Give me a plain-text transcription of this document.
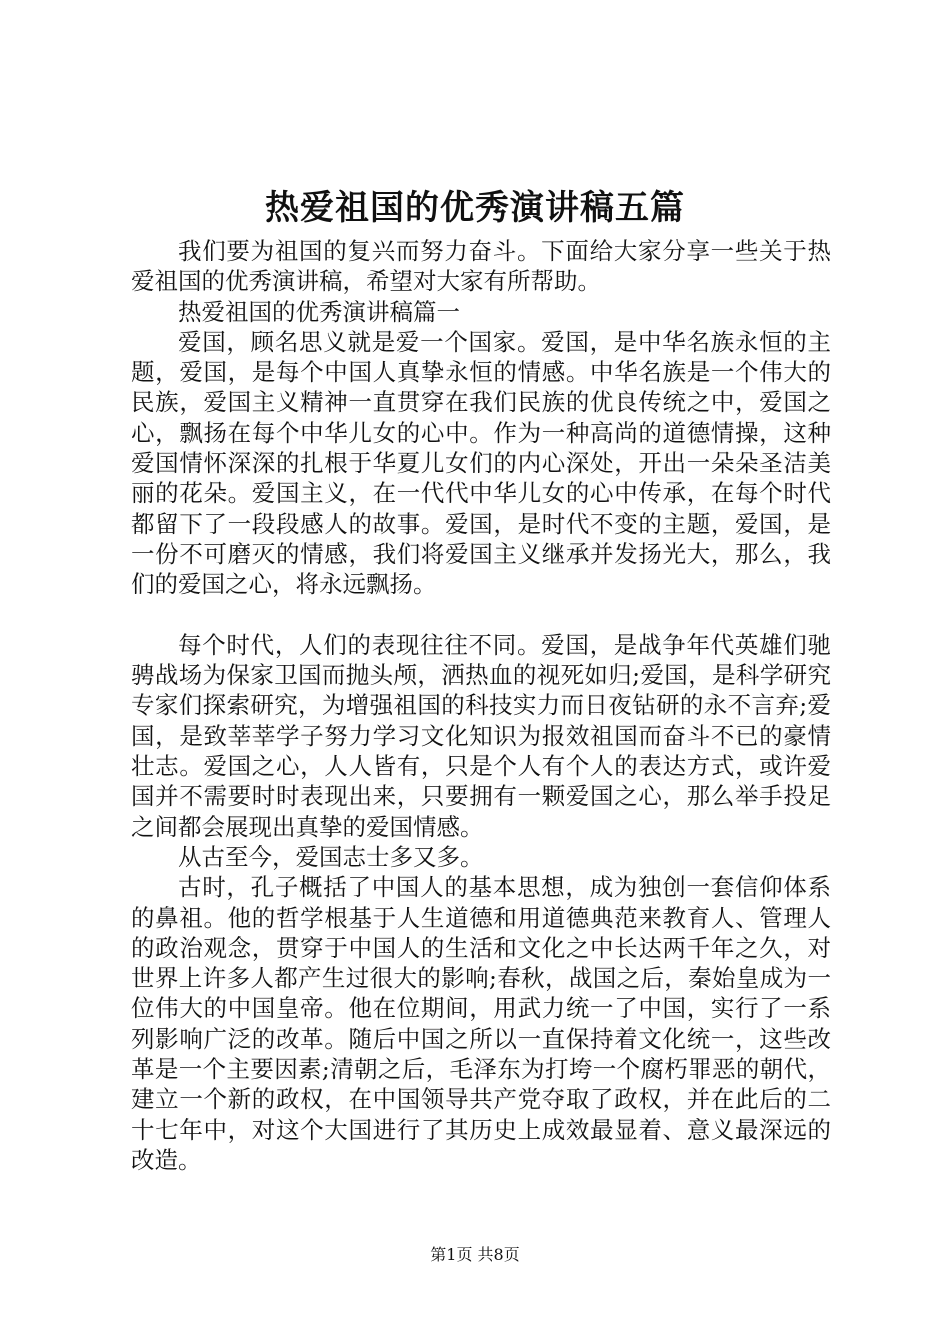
热爱祖国的优秀演讲稿五篇

我们要为祖国的复兴而努力奋斗。下面给大家分享一些关于热爱祖国的优秀演讲稿，希望对大家有所帮助。

热爱祖国的优秀演讲稿篇一

爱国，顾名思义就是爱一个国家。爱国，是中华名族永恒的主题，爱国，是每个中国人真挚永恒的情感。中华名族是一个伟大的民族，爱国主义精神一直贯穿在我们民族的优良传统之中，爱国之心，飘扬在每个中华儿女的心中。作为一种高尚的道德情操，这种爱国情怀深深的扎根于华夏儿女们的内心深处，开出一朵朵圣洁美丽的花朵。爱国主义，在一代代中华儿女的心中传承，在每个时代都留下了一段段感人的故事。爱国，是时代不变的主题，爱国，是一份不可磨灭的情感，我们将爱国主义继承并发扬光大，那么，我们的爱国之心，将永远飘扬。

每个时代，人们的表现往往不同。爱国，是战争年代英雄们驰骋战场为保家卫国而抛头颅，洒热血的视死如归;爱国，是科学研究专家们探索研究，为增强祖国的科技实力而日夜钻研的永不言弃;爱国，是致莘莘学子努力学习文化知识为报效祖国而奋斗不已的豪情壮志。爱国之心，人人皆有，只是个人有个人的表达方式，或许爱国并不需要时时表现出来，只要拥有一颗爱国之心，那么举手投足之间都会展现出真挚的爱国情感。

从古至今，爱国志士多又多。

古时，孔子概括了中国人的基本思想，成为独创一套信仰体系的鼻祖。他的哲学根基于人生道德和用道德典范来教育人、管理人的政治观念，贯穿于中国人的生活和文化之中长达两千年之久，对世界上许多人都产生过很大的影响;春秋，战国之后，秦始皇成为一位伟大的中国皇帝。他在位期间，用武力统一了中国，实行了一系列影响广泛的改革。随后中国之所以一直保持着文化统一，这些改革是一个主要因素;清朝之后，毛泽东为打垮一个腐朽罪恶的朝代，建立一个新的政权，在中国领导共产党夺取了政权，并在此后的二十七年中，对这个大国进行了其历史上成效最显着、意义最深远的改造。

第1页 共8页
